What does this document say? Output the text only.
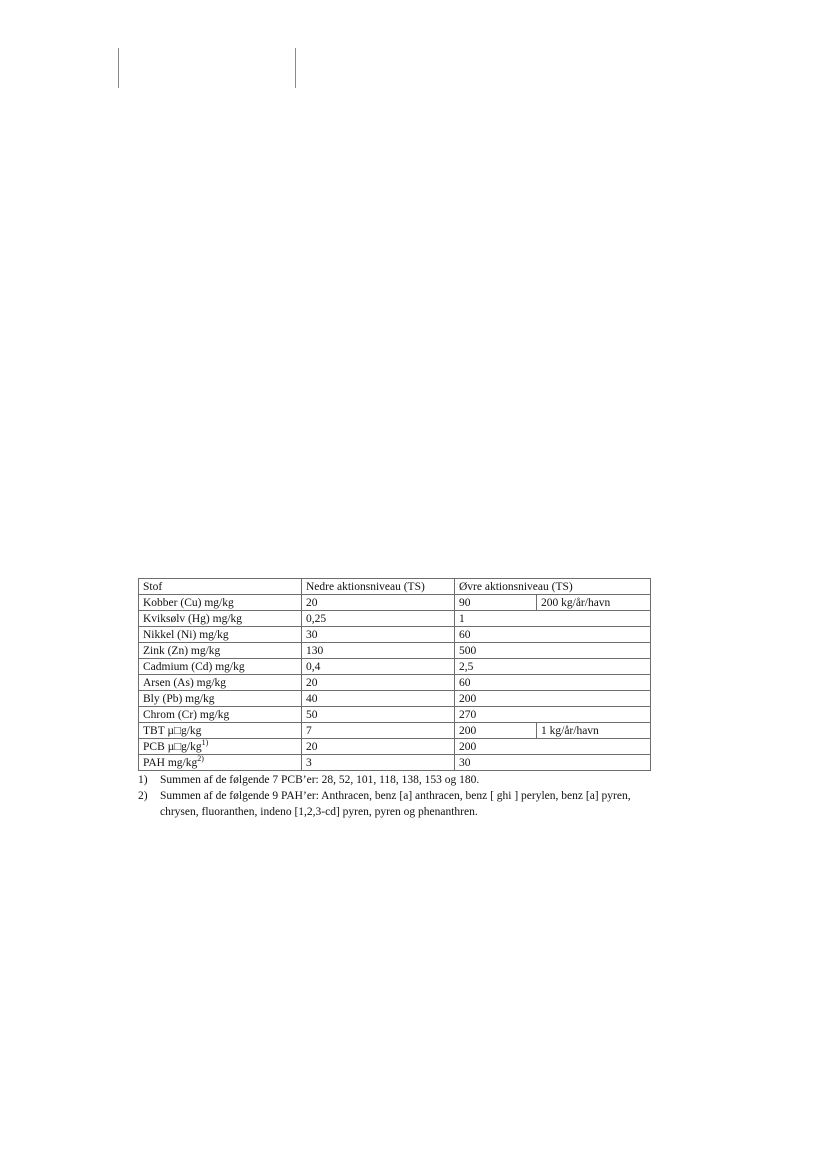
Stof	Nedre aktionsniveau (TS)	Øvre aktionsniveau (TS)	
Kobber (Cu) mg/kg	20	90	200 kg/år/havn
Kviksølv (Hg) mg/kg	0,25	1	
Nikkel (Ni) mg/kg	30	60	
Zink (Zn) mg/kg	130	500	
Cadmium (Cd) mg/kg	0,4	2,5	
Arsen (As) mg/kg	20	60	
Bly (Pb) mg/kg	40	200	
Chrom (Cr) mg/kg	50	270	
TBT µ□g/kg	7	200	1 kg/år/havn
PCB $\mu□g/kg^{1)}$	20	200	
PAH $mg/kg^{2)}$	3	30	
1) Summen af de følgende 7 PCB’er: 28, 52, 101, 118, 138, 153 og 180.
2) Summen af de følgende 9 PAH’er: Anthracen, benz [a] anthracen, benz [ ghi ] perylen, benz [a] pyren, chrysen, fluoranthen, indeno [1,2,3-cd] pyren, pyren og phenanthren.
